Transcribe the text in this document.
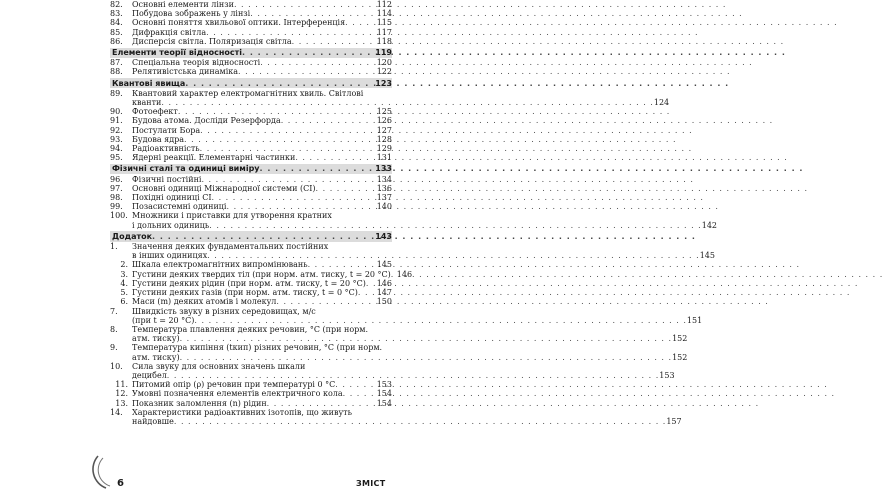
82.	Оснoвні елементи лінзи . . .	112
83.	Побудова зображень у лінзі . . .	114
84.	Основні поняття хвильової оптики. Інтерференція . . .	115
85.	Дифракція світла . . .	117
86.	Дисперсія світла. Поляризація світла . . .	118
Елементи теорії відносності . . .	119
87.	Спеціальна теорія відносності . . .	120
88.	Релятивістська динаміка . . .	122
Квантові явища . . .	123
89. Квантовий характер електромагнітних хвиль. Світлові
кванти . . .	124
90.	Фотоефект . . .	125
91.	Будова атома. Досліди Резерфорда . . .	126
92.	Постулати Бора . . .	127
93.	Будова ядра . . .	128
94.	Радіоактивність . . .	129
95.	Ядерні реакції. Елементарні частинки . . .	131
Фізичні сталі та одиниці виміру . . .	133
96.	Фізичні постійні . . .	134
97.	Основні одиниці Міжнародної системи (СІ) . . .	136
98.	Похідні одиниці СІ . . .	137
99.	Позасистемні одиниці . . .	140
100. Множники і приставки для утворення кратних
і дольних одиниць . . .	142
Додаток . . .	143
1. Значення деяких фундаментальних постійних
в інших одиницях . . .	145
2. Шкала електромагнітних випромінювань . . .	145
3. Густини деяких твердих тіл (при норм. атм. тиску, t = 20 °С) . . . 146
4. Густини деяких рідин (при норм. атм. тиску, t = 20 °С) . . . 146
5. Густини деяких газів (при норм. атм. тиску, t = 0 °С) . . . 147
6. Маси (m) деяких атомів і молекул . . .	150
7. Швидкість звуку в різних середовищах, м/с
(при t = 20 °С) . . .	151
8. Температура плавлення деяких речовин, °С (при норм.
атм. тиску) . . .	152
9. Температура кипіння (tкип) різних речовин, °С (при норм.
атм. тиску) . . .	152
10. Сила звуку для основних значень шкали
децибел . . .	153
11. Питомий опір (ρ) речовин при температурі 0 °С . . .	153
12. Умовні позначення елементів електричного кола . . .	154
13. Показник заломлення (n) рідин . . .	154
14. Характеристики радіоактивних ізотопів, що живуть
найдовше . . .	157
6	ЗМІСТ
